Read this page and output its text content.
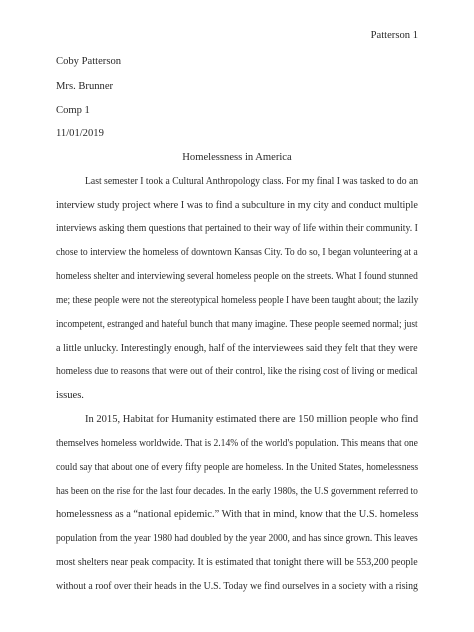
Patterson 1
Coby Patterson
Mrs. Brunner
Comp 1
11/01/2019
Homelessness in America
Last semester I took a Cultural Anthropology class. For my final I was tasked to do an
interview study project where I was to find a subculture in my city and conduct multiple
interviews asking them questions that pertained to their way of life within their community. I
chose to interview the homeless of downtown Kansas City. To do so, I began volunteering at a
homeless shelter and interviewing several homeless people on the streets. What I found stunned
me; these people were not the stereotypical homeless people I have been taught about; the lazily
incompetent, estranged and hateful bunch that many imagine. These people seemed normal; just
a little unlucky. Interestingly enough, half of the interviewees said they felt that they were
homeless due to reasons that were out of their control, like the rising cost of living or medical
issues.
In 2015, Habitat for Humanity estimated there are 150 million people who find
themselves homeless worldwide. That is 2.14% of the world's population. This means that one
could say that about one of every fifty people are homeless. In the United States, homelessness
has been on the rise for the last four decades. In the early 1980s, the U.S government referred to
homelessness as a “national epidemic.” With that in mind, know that the U.S. homeless
population from the year 1980 had doubled by the year 2000, and has since grown. This leaves
most shelters near peak compacity. It is estimated that tonight there will be 553,200 people
without a roof over their heads in the U.S. Today we find ourselves in a society with a rising
